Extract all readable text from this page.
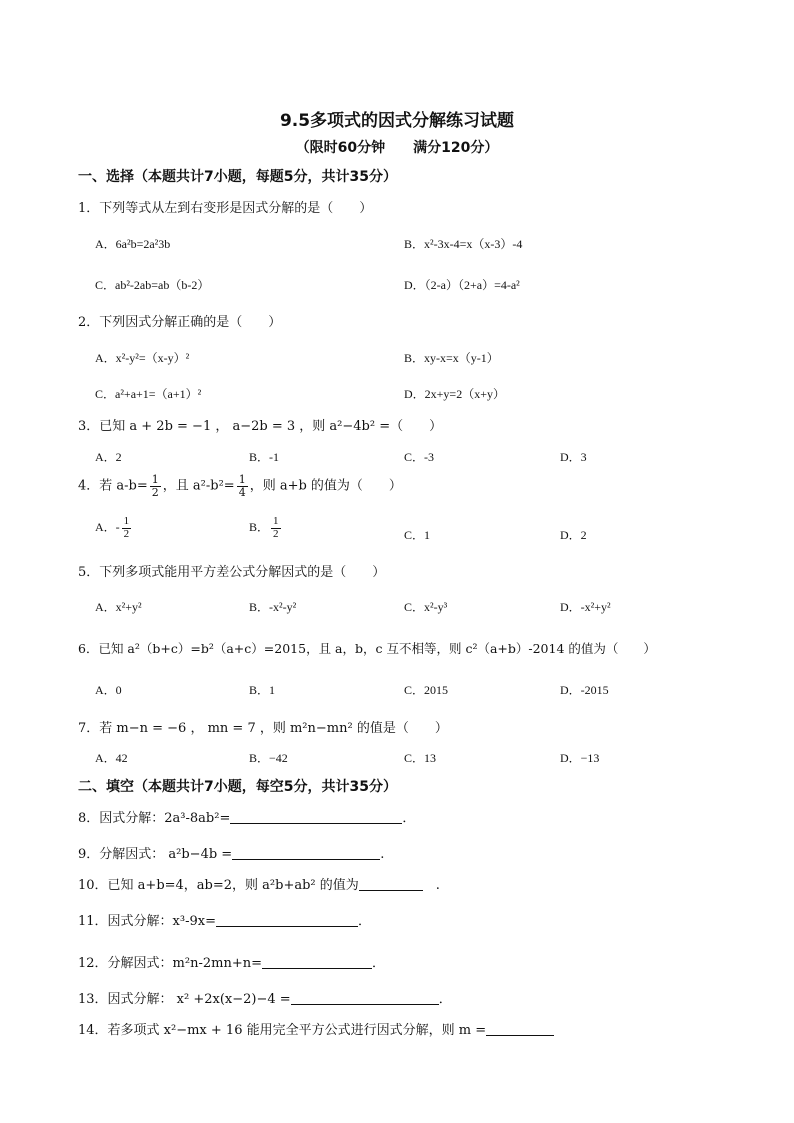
9.5多项式的因式分解练习试题
（限时60分钟　　满分120分）
一、选择（本题共计7小题，每题5分，共计35分）
1．下列等式从左到右变形是因式分解的是（　　）
A．6a²b=2a²3b	B．x²-3x-4=x（x-3）-4
C．ab²-2ab=ab（b-2）	D．（2-a）（2+a）=4-a²
2．下列因式分解正确的是（　　）
A．x²-y²=（x-y）²	B．xy-x=x（y-1）
C．a²+a+1=（a+1）²	D．2x+y=2（x+y）
3．已知 a + 2b = −1 ， a−2b = 3 ，则 a²−4b² =（　　）
A．2	B．-1	C．-3	D．3
4．若 $a-b= \frac{1}{2}$ ，且 $a^2-b^2= \frac{1}{4}$ ，则 a+b 的值为（　　）
A．- $\frac{1}{2}$	B． $\frac{1}{2}$	C．1	D．2
5．下列多项式能用平方差公式分解因式的是（　　）
A．x²+y²	B．-x²-y²	C．x²-y³	D．-x²+y²
6．已知 a²（b+c）=b²（a+c）=2015，且 a，b，c 互不相等，则 c²（a+b）-2014 的值为（　　）
A．0	B．1	C．2015	D．-2015
7．若 m−n = −6 ， mn = 7 ，则 m²n−mn² 的值是（　　）
A．42	B．−42	C．13	D．−13
二、填空（本题共计7小题，每空5分，共计35分）
8．因式分解：2a³-8ab²=	．
9．分解因式： a²b−4b =	.
10．已知 a+b=4，ab=2，则 a²b+ab² 的值为	　.
11．因式分解：x³-9x=	．
12．分解因式：m²n-2mn+n=	．
13．因式分解： x² +2x(x−2)−4 =	．
14．若多项式 x²−mx + 16 能用完全平方公式进行因式分解，则 m =
